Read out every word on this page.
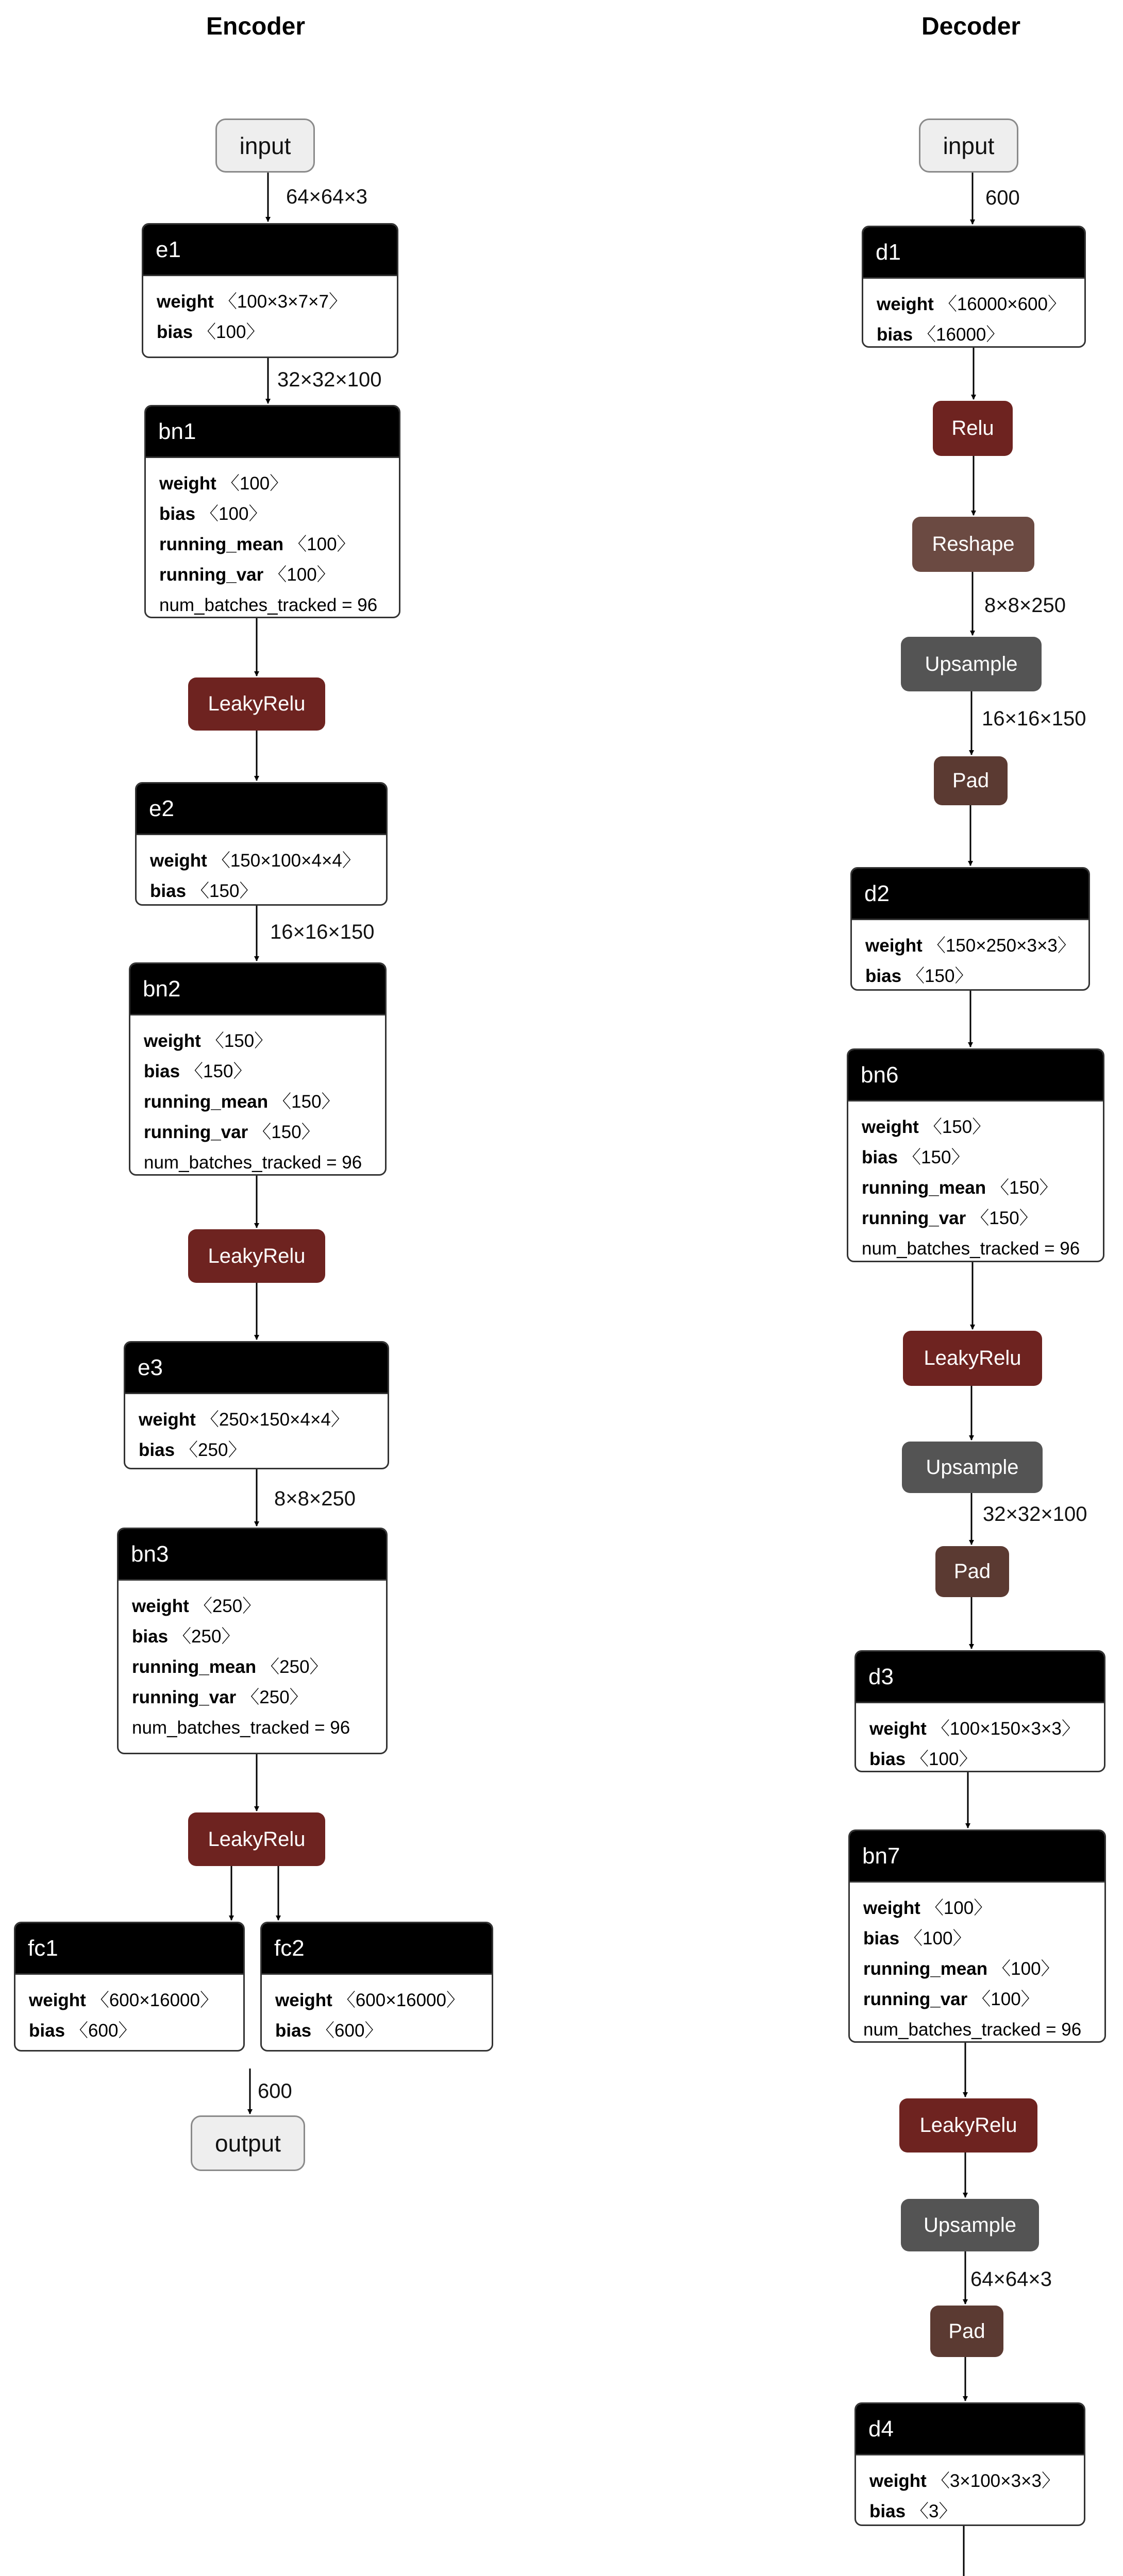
Encoder	Decoder
input
64×64×3
e1
weight 〈100×3×7×7〉
bias 〈100〉
32×32×100
bn1
weight 〈100〉
bias 〈100〉
running_mean 〈100〉
running_var 〈100〉
num_batches_tracked = 96
LeakyRelu
e2
weight 〈150×100×4×4〉
bias 〈150〉
16×16×150
bn2
weight 〈150〉
bias 〈150〉
running_mean 〈150〉
running_var 〈150〉
num_batches_tracked = 96
LeakyRelu
e3
weight 〈250×150×4×4〉
bias 〈250〉
8×8×250
bn3
weight 〈250〉
bias 〈250〉
running_mean 〈250〉
running_var 〈250〉
num_batches_tracked = 96
LeakyRelu
fc1
weight 〈600×16000〉
bias 〈600〉
fc2
weight 〈600×16000〉
bias 〈600〉
600
output
input
600
d1
weight 〈16000×600〉
bias 〈16000〉
Relu
Reshape
8×8×250
Upsample
16×16×150
Pad
d2
weight 〈150×250×3×3〉
bias 〈150〉
bn6
weight 〈150〉
bias 〈150〉
running_mean 〈150〉
running_var 〈150〉
num_batches_tracked = 96
LeakyRelu
Upsample
32×32×100
Pad
d3
weight 〈100×150×3×3〉
bias 〈100〉
bn7
weight 〈100〉
bias 〈100〉
running_mean 〈100〉
running_var 〈100〉
num_batches_tracked = 96
LeakyRelu
Upsample
64×64×3
Pad
d4
weight 〈3×100×3×3〉
bias 〈3〉
